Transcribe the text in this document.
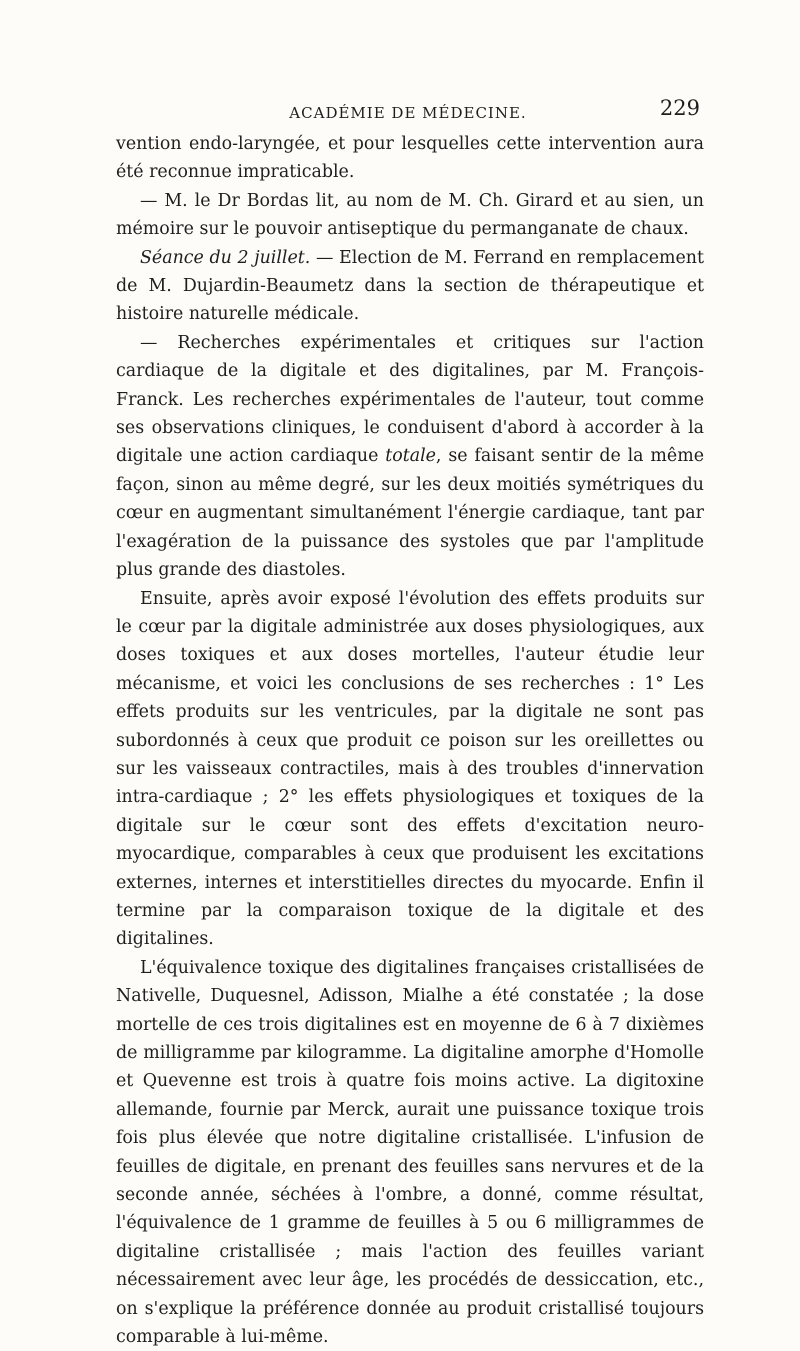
ACADÉMIE DE MÉDECINE.	229

vention endo-laryngée, et pour lesquelles cette intervention aura été reconnue impraticable.

— M. le Dr Bordas lit, au nom de M. Ch. Girard et au sien, un mémoire sur le pouvoir antiseptique du permanganate de chaux.

Séance du 2 juillet. — Election de M. Ferrand en remplacement de M. Dujardin-Beaumetz dans la section de thérapeutique et histoire naturelle médicale.

— Recherches expérimentales et critiques sur l'action cardiaque de la digitale et des digitalines, par M. François-Franck. Les recherches expérimentales de l'auteur, tout comme ses observations cliniques, le conduisent d'abord à accorder à la digitale une action cardiaque totale, se faisant sentir de la même façon, sinon au même degré, sur les deux moitiés symétriques du cœur en augmentant simultanément l'énergie cardiaque, tant par l'exagération de la puissance des systoles que par l'amplitude plus grande des diastoles.

Ensuite, après avoir exposé l'évolution des effets produits sur le cœur par la digitale administrée aux doses physiologiques, aux doses toxiques et aux doses mortelles, l'auteur étudie leur mécanisme, et voici les conclusions de ses recherches : 1° Les effets produits sur les ventricules, par la digitale ne sont pas subordonnés à ceux que produit ce poison sur les oreillettes ou sur les vaisseaux contractiles, mais à des troubles d'innervation intra-cardiaque ; 2° les effets physiologiques et toxiques de la digitale sur le cœur sont des effets d'excitation neuro-myocardique, comparables à ceux que produisent les excitations externes, internes et interstitielles directes du myocarde. Enfin il termine par la comparaison toxique de la digitale et des digitalines.

L'équivalence toxique des digitalines françaises cristallisées de Nativelle, Duquesnel, Adisson, Mialhe a été constatée ; la dose mortelle de ces trois digitalines est en moyenne de 6 à 7 dixièmes de milligramme par kilogramme. La digitaline amorphe d'Homolle et Quevenne est trois à quatre fois moins active. La digitoxine allemande, fournie par Merck, aurait une puissance toxique trois fois plus élevée que notre digitaline cristallisée. L'infusion de feuilles de digitale, en prenant des feuilles sans nervures et de la seconde année, séchées à l'ombre, a donné, comme résultat, l'équivalence de 1 gramme de feuilles à 5 ou 6 milligrammes de digitaline cristallisée ; mais l'action des feuilles variant nécessairement avec leur âge, les procédés de dessiccation, etc., on s'explique la préférence donnée au produit cristallisé toujours comparable à lui-même.
